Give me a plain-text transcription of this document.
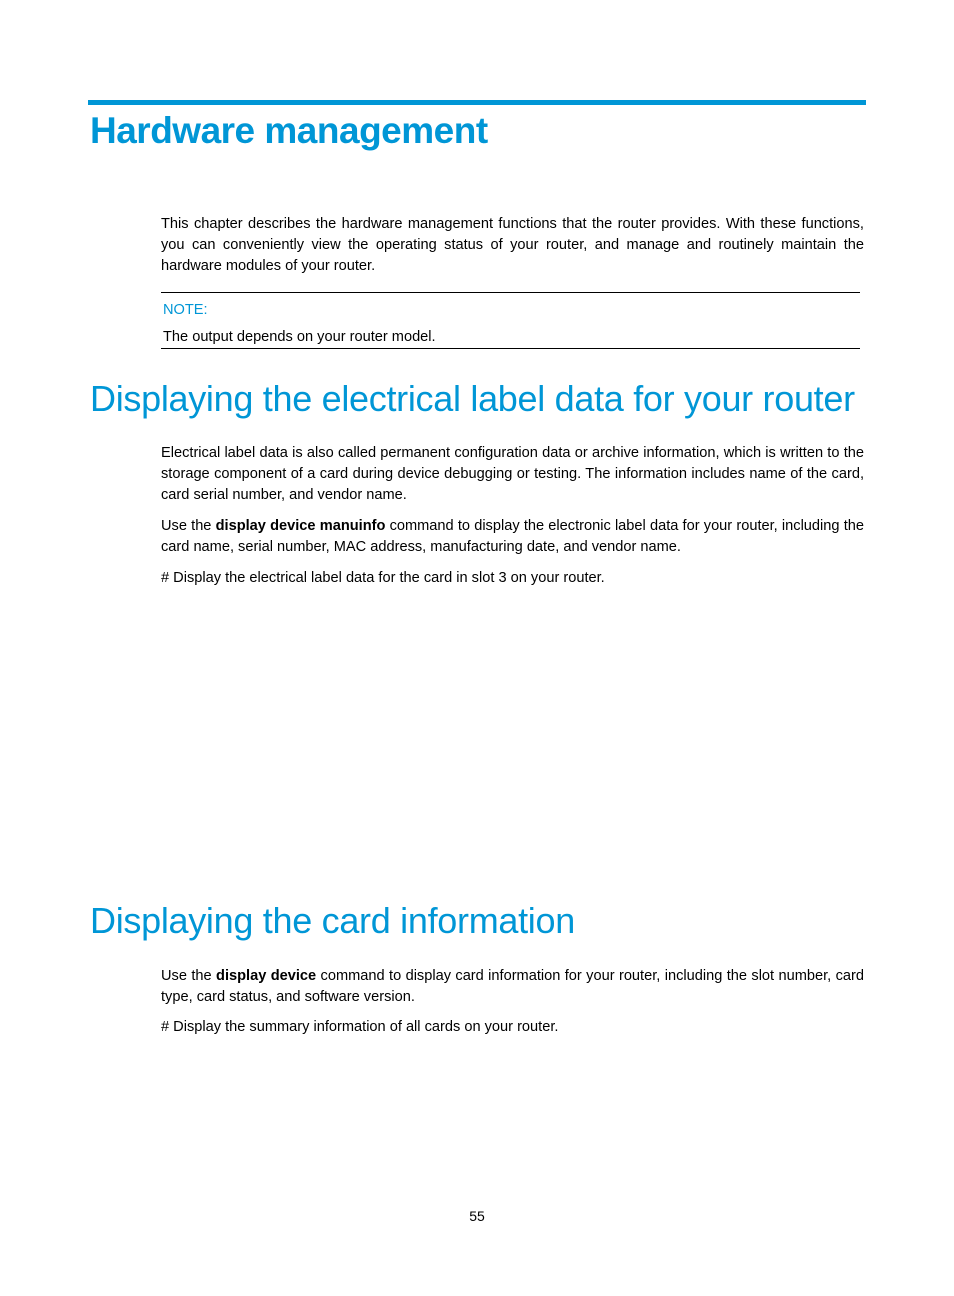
Hardware management

This chapter describes the hardware management functions that the router provides. With these functions, you can conveniently view the operating status of your router, and manage and routinely maintain the hardware modules of your router.

NOTE:
The output depends on your router model.
Displaying the electrical label data for your router

Electrical label data is also called permanent configuration data or archive information, which is written to the storage component of a card during device debugging or testing. The information includes name of the card, card serial number, and vendor name.

Use the display device manuinfo command to display the electronic label data for your router, including the card name, serial number, MAC address, manufacturing date, and vendor name.

# Display the electrical label data for the card in slot 3 on your router.

Displaying the card information

Use the display device command to display card information for your router, including the slot number, card type, card status, and software version.

# Display the summary information of all cards on your router.

55
